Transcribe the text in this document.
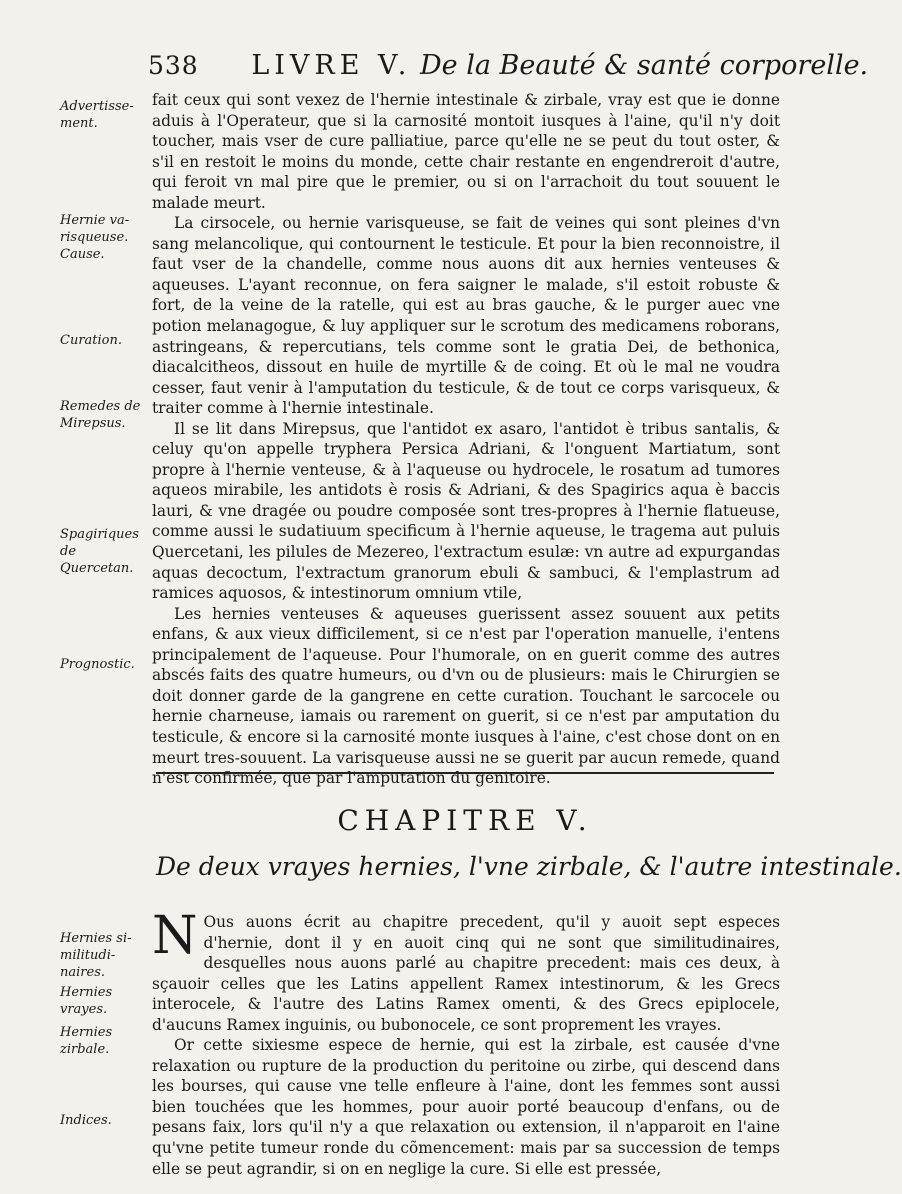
538 LIVRE V. De la Beauté & santé corporelle.
Advertisse-ment.
Hernie va-risqueuse. Cause.
Curation.
Remedes de Mirepsus.
Spagiriques de Quercetan.
Prognostic.
Hernies si-militudi-naires.
Hernies vrayes.
Hernies zirbale.
Indices.

fait ceux qui sont vexez de l'hernie intestinale & zirbale, vray est que ie donne aduis à l'Operateur, que si la carnosité montoit iusques à l'aine, qu'il n'y doit toucher, mais vser de cure palliatiue, parce qu'elle ne se peut du tout oster, & s'il en restoit le moins du monde, cette chair restante en engendreroit d'autre, qui feroit vn mal pire que le premier, ou si on l'arrachoit du tout souuent le malade meurt.

La cirsocele, ou hernie varisqueuse, se fait de veines qui sont pleines d'vn sang melancolique, qui contournent le testicule. Et pour la bien reconnoistre, il faut vser de la chandelle, comme nous auons dit aux hernies venteuses & aqueuses. L'ayant reconnue, on fera saigner le malade, s'il estoit robuste & fort, de la veine de la ratelle, qui est au bras gauche, & le purger auec vne potion melanagogue, & luy appliquer sur le scrotum des medicamens roborans, astringeans, & repercutians, tels comme sont le gratia Dei, de bethonica, diacalcitheos, dissout en huile de myrtille & de coing. Et où le mal ne voudra cesser, faut venir à l'amputation du testicule, & de tout ce corps varisqueux, & traiter comme à l'hernie intestinale.

Il se lit dans Mirepsus, que l'antidot ex asaro, l'antidot è tribus santalis, & celuy qu'on appelle tryphera Persica Adriani, & l'onguent Martiatum, sont propre à l'hernie venteuse, & à l'aqueuse ou hydrocele, le rosatum ad tumores aqueos mirabile, les antidots è rosis & Adriani, & des Spagirics aqua è baccis lauri, & vne dragée ou poudre composée sont tres-propres à l'hernie flatueuse, comme aussi le sudatiuum specificum à l'hernie aqueuse, le tragema aut puluis Quercetani, les pilules de Mezereo, l'extractum esulæ: vn autre ad expurgandas aquas decoctum, l'extractum granorum ebuli & sambuci, & l'emplastrum ad ramices aquosos, & intestinorum omnium vtile,

Les hernies venteuses & aqueuses guerissent assez souuent aux petits enfans, & aux vieux difficilement, si ce n'est par l'operation manuelle, i'entens principalement de l'aqueuse. Pour l'humorale, on en guerit comme des autres abscés faits des quatre humeurs, ou d'vn ou de plusieurs: mais le Chirurgien se doit donner garde de la gangrene en cette curation. Touchant le sarcocele ou hernie charneuse, iamais ou rarement on guerit, si ce n'est par amputation du testicule, & encore si la carnosité monte iusques à l'aine, c'est chose dont on en meurt tres-souuent. La varisqueuse aussi ne se guerit par aucun remede, quand n'est confirmée, que par l'amputation du genitoire.

CHAPITRE V.
De deux vrayes hernies, l'vne zirbale, & l'autre intestinale.

N Ous auons écrit au chapitre precedent, qu'il y auoit sept especes d'hernie, dont il y en auoit cinq qui ne sont que similitudinaires, desquelles nous auons parlé au chapitre precedent: mais ces deux, à sçauoir celles que les Latins appellent Ramex intestinorum, & les Grecs interocele, & l'autre des Latins Ramex omenti, & des Grecs epiplocele, d'aucuns Ramex inguinis, ou bubonocele, ce sont proprement les vrayes.

Or cette sixiesme espece de hernie, qui est la zirbale, est causée d'vne relaxation ou rupture de la production du peritoine ou zirbe, qui descend dans les bourses, qui cause vne telle enfleure à l'aine, dont les femmes sont aussi bien touchées que les hommes, pour auoir porté beaucoup d'enfans, ou de pesans faix, lors qu'il n'y a que relaxation ou extension, il n'apparoit en l'aine qu'vne petite tumeur ronde du cõmencement: mais par sa succession de temps elle se peut agrandir, si on en neglige la cure. Si elle est pressée,
